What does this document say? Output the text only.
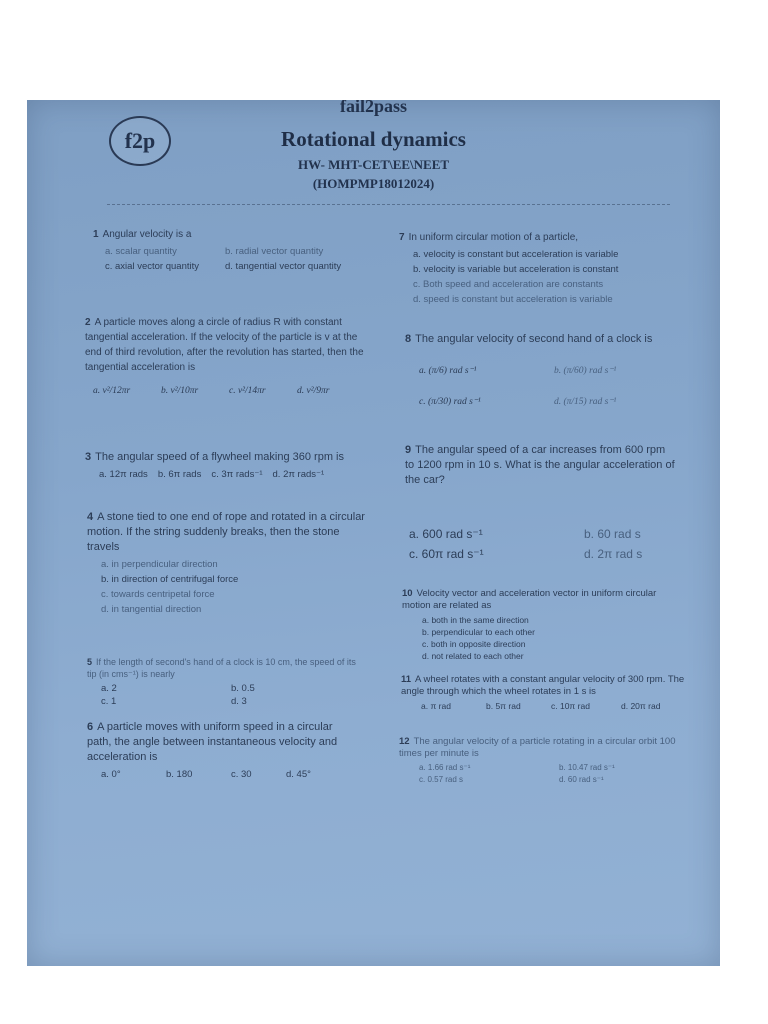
fail2pass
f2p	Rotational dynamics
HW- MHT-CET\EE\NEET
(HOMPMP18012024)
1 Angular velocity is a
a. scalar quantity	b. radial vector quantity
c. axial vector quantity	d. tangential vector quantity
2 A particle moves along a circle of radius R with constant tangential acceleration. If the velocity of the particle is v at the end of third revolution, after the revolution has started, then the tangential acceleration is
a. v²/12πr	b. v²/10πr	c. v²/14πr	d. v²/9πr
3 The angular speed of a flywheel making 360 rpm is
a. 12π rads b. 6π rads c. 3π rads⁻¹ d. 2π rads⁻¹
4 A stone tied to one end of rope and rotated in a circular motion. If the string suddenly breaks, then the stone travels
a. in perpendicular direction
b. in direction of centrifugal force
c. towards centripetal force
d. in tangential direction
5 If the length of second's hand of a clock is 10 cm, the speed of its tip (in cms⁻¹) is nearly
a. 2	b. 0.5
c. 1	d. 3
6 A particle moves with uniform speed in a circular path, the angle between instantaneous velocity and acceleration is
a. 0°	b. 180	c. 30	d. 45°
7 In uniform circular motion of a particle,
a. velocity is constant but acceleration is variable
b. velocity is variable but acceleration is constant
c. Both speed and acceleration are constants
d. speed is constant but acceleration is variable
8 The angular velocity of second hand of a clock is
a. (π/6) rad s⁻¹	b. (π/60) rad s⁻¹
c. (π/30) rad s⁻¹	d. (π/15) rad s⁻¹
9 The angular speed of a car increases from 600 rpm to 1200 rpm in 10 s. What is the angular acceleration of the car?
a. 600 rad s⁻¹	b. 60 rad s
c. 60π rad s⁻¹	d. 2π rad s
10 Velocity vector and acceleration vector in uniform circular motion are related as
a. both in the same direction
b. perpendicular to each other
c. both in opposite direction
d. not related to each other
11 A wheel rotates with a constant angular velocity of 300 rpm. The angle through which the wheel rotates in 1 s is
a. π rad	b. 5π rad	c. 10π rad	d. 20π rad
12 The angular velocity of a particle rotating in a circular orbit 100 times per minute is
a. 1.66 rad s⁻¹	b. 10.47 rad s⁻¹
c. 0.57 rad s	d. 60 rad s⁻¹
